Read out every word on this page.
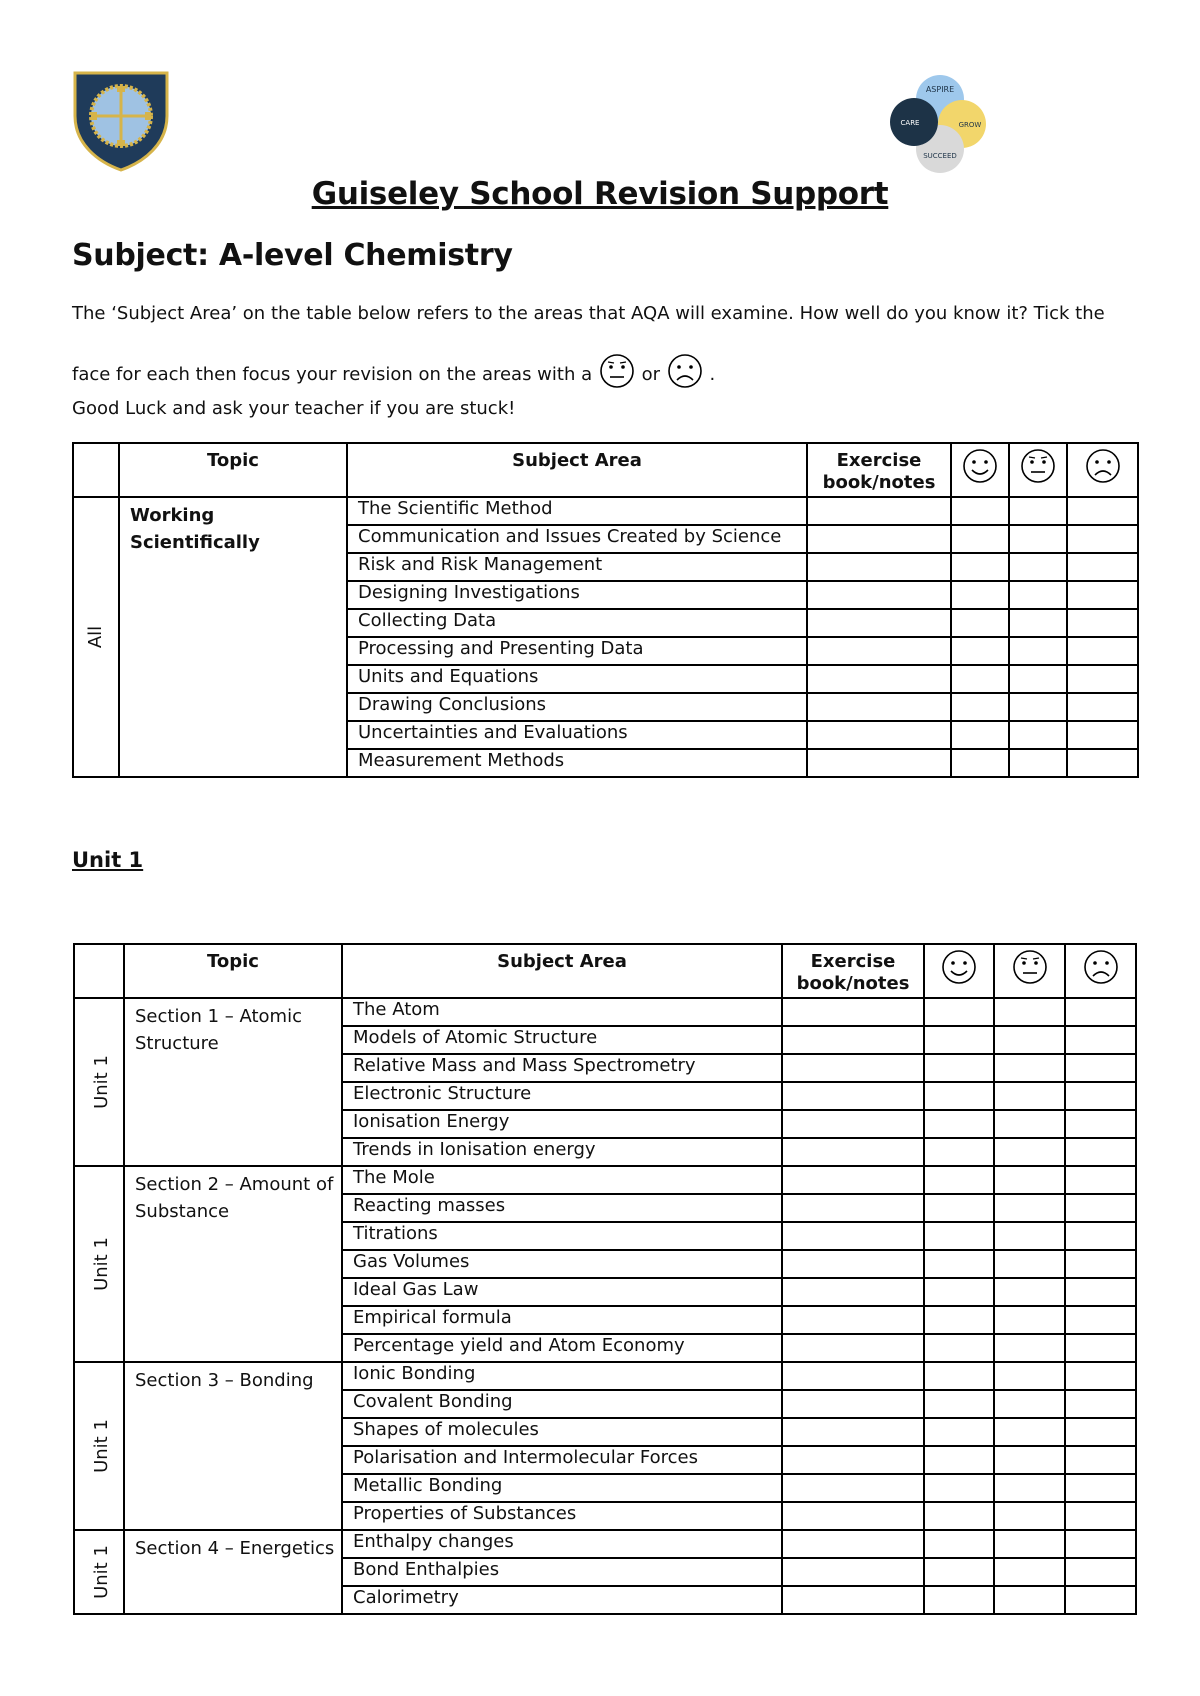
ASPIRE
CARE	GROW
SUCCEED
Guiseley School Revision Support
Subject: A-level Chemistry
The ‘Subject Area’ on the table below refers to the areas that AQA will examine. How well do you know it? Tick the
face for each then focus your revision on the areas with a  or	.
Good Luck and ask your teacher if you are stuck!
	Topic	Subject Area	Exercise
book/notes	

All	Working Scientifically	The Scientific Method				
		Communication and Issues Created by Science				
		Risk and Risk Management				
		Designing Investigations				
		Collecting Data				
		Processing and Presenting Data				
		Units and Equations				
		Drawing Conclusions				
		Uncertainties and Evaluations				
		Measurement Methods				
Unit 1
	Topic	Subject Area	Exercise
book/notes	

Unit 1	Section 1 – Atomic Structure	The Atom				
		Models of Atomic Structure				
		Relative Mass and Mass Spectrometry				
		Electronic Structure				
		Ionisation Energy				
		Trends in Ionisation energy				
Unit 1	Section 2 – Amount of Substance	The Mole				
		Reacting masses				
		Titrations				
		Gas Volumes				
		Ideal Gas Law				
		Empirical formula				
		Percentage yield and Atom Economy				
Unit 1	Section 3 – Bonding	Ionic Bonding				
		Covalent Bonding				
		Shapes of molecules				
		Polarisation and Intermolecular Forces				
		Metallic Bonding				
		Properties of Substances				
Unit 1	Section 4 – Energetics	Enthalpy changes				
		Bond Enthalpies				
		Calorimetry				
